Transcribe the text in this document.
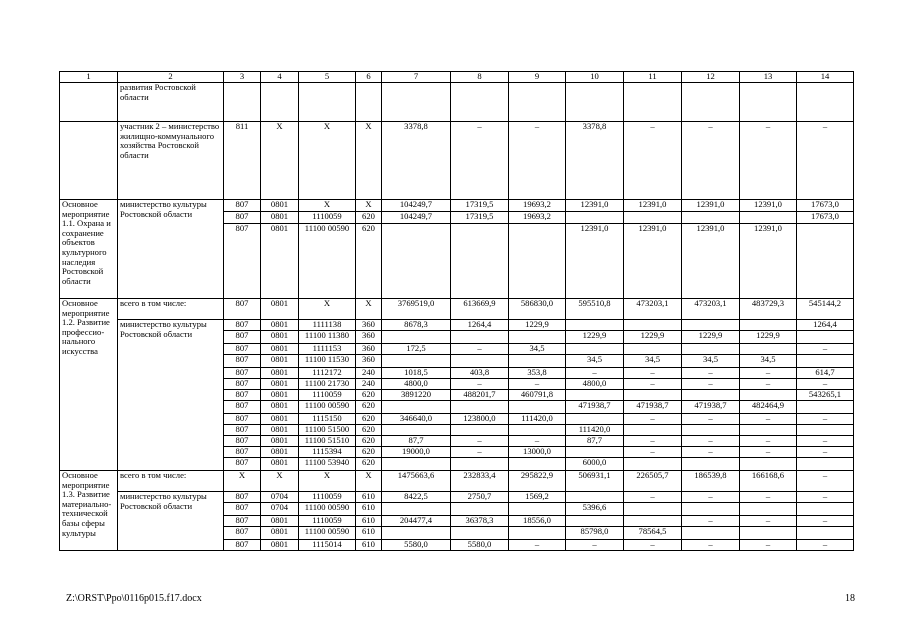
1	2	3	4	5	6	7	8	9	10	11	12	13	14
	развития Ростовской области												
	участник 2 – министерство жилищно-коммунального хозяйства Ростовской области	811	Х	Х	Х	3378,8	–	–	3378,8	–	–	–	–
Основное мероприятие 1.1. Охрана и сохранение объектов культурного наследия Ростовской области	министерство культуры Ростовской области	807	0801	Х	Х	104249,7	17319,5	19693,2	12391,0	12391,0	12391,0	12391,0	17673,0
		807	0801	1110059	620	104249,7	17319,5	19693,2					17673,0
		807	0801	11100 00590	620				12391,0	12391,0	12391,0	12391,0	
Основное мероприятие 1.2. Развитие профессио-нального искусства	всего в том числе:	807	0801	Х	Х	3769519,0	613669,9	586830,0	595510,8	473203,1	473203,1	483729,3	545144,2
	министерство культуры Ростовской области	807	0801	1111138	360	8678,3	1264,4	1229,9					1264,4
		807	0801	11100 11380	360				1229,9	1229,9	1229,9	1229,9	
		807	0801	1111153	360	172,5	–	34,5					–
		807	0801	11100 11530	360				34,5	34,5	34,5	34,5	
		807	0801	1112172	240	1018,5	403,8	353,8	–	–	–	–	614,7
		807	0801	11100 21730	240	4800,0	–	–	4800,0	–	–	–	–
		807	0801	1110059	620	3891220	488201,7	460791,8					543265,1
		807	0801	11100 00590	620				471938,7	471938,7	471938,7	482464,9	
		807	0801	1115150	620	346640,0	123800,0	111420,0		–	–	–	–
		807	0801	11100 51500	620				111420,0				
		807	0801	11100 51510	620	87,7	–	–	87,7	–	–	–	–
		807	0801	1115394	620	19000,0	–	13000,0		–	–	–	–
		807	0801	11100 53940	620				6000,0				
Основное мероприятие 1.3. Развитие материально-технической базы сферы культуры	всего в том числе:	Х	Х	Х	Х	1475663,6	232833,4	295822,9	506931,1	226505,7	186539,8	166168,6	–
	министерство культуры Ростовской области	807	0704	1110059	610	8422,5	2750,7	1569,2		–	–	–	–
		807	0704	11100 00590	610				5396,6				
		807	0801	1110059	610	204477,4	36378,3	18556,0			–	–	–
		807	0801	11100 00590	610				85798,0	78564,5			
		807	0801	1115014	610	5580,0	5580,0	–	–	–	–	–	–
Z:\ORST\Ppo\0116p015.f17.docx	18
